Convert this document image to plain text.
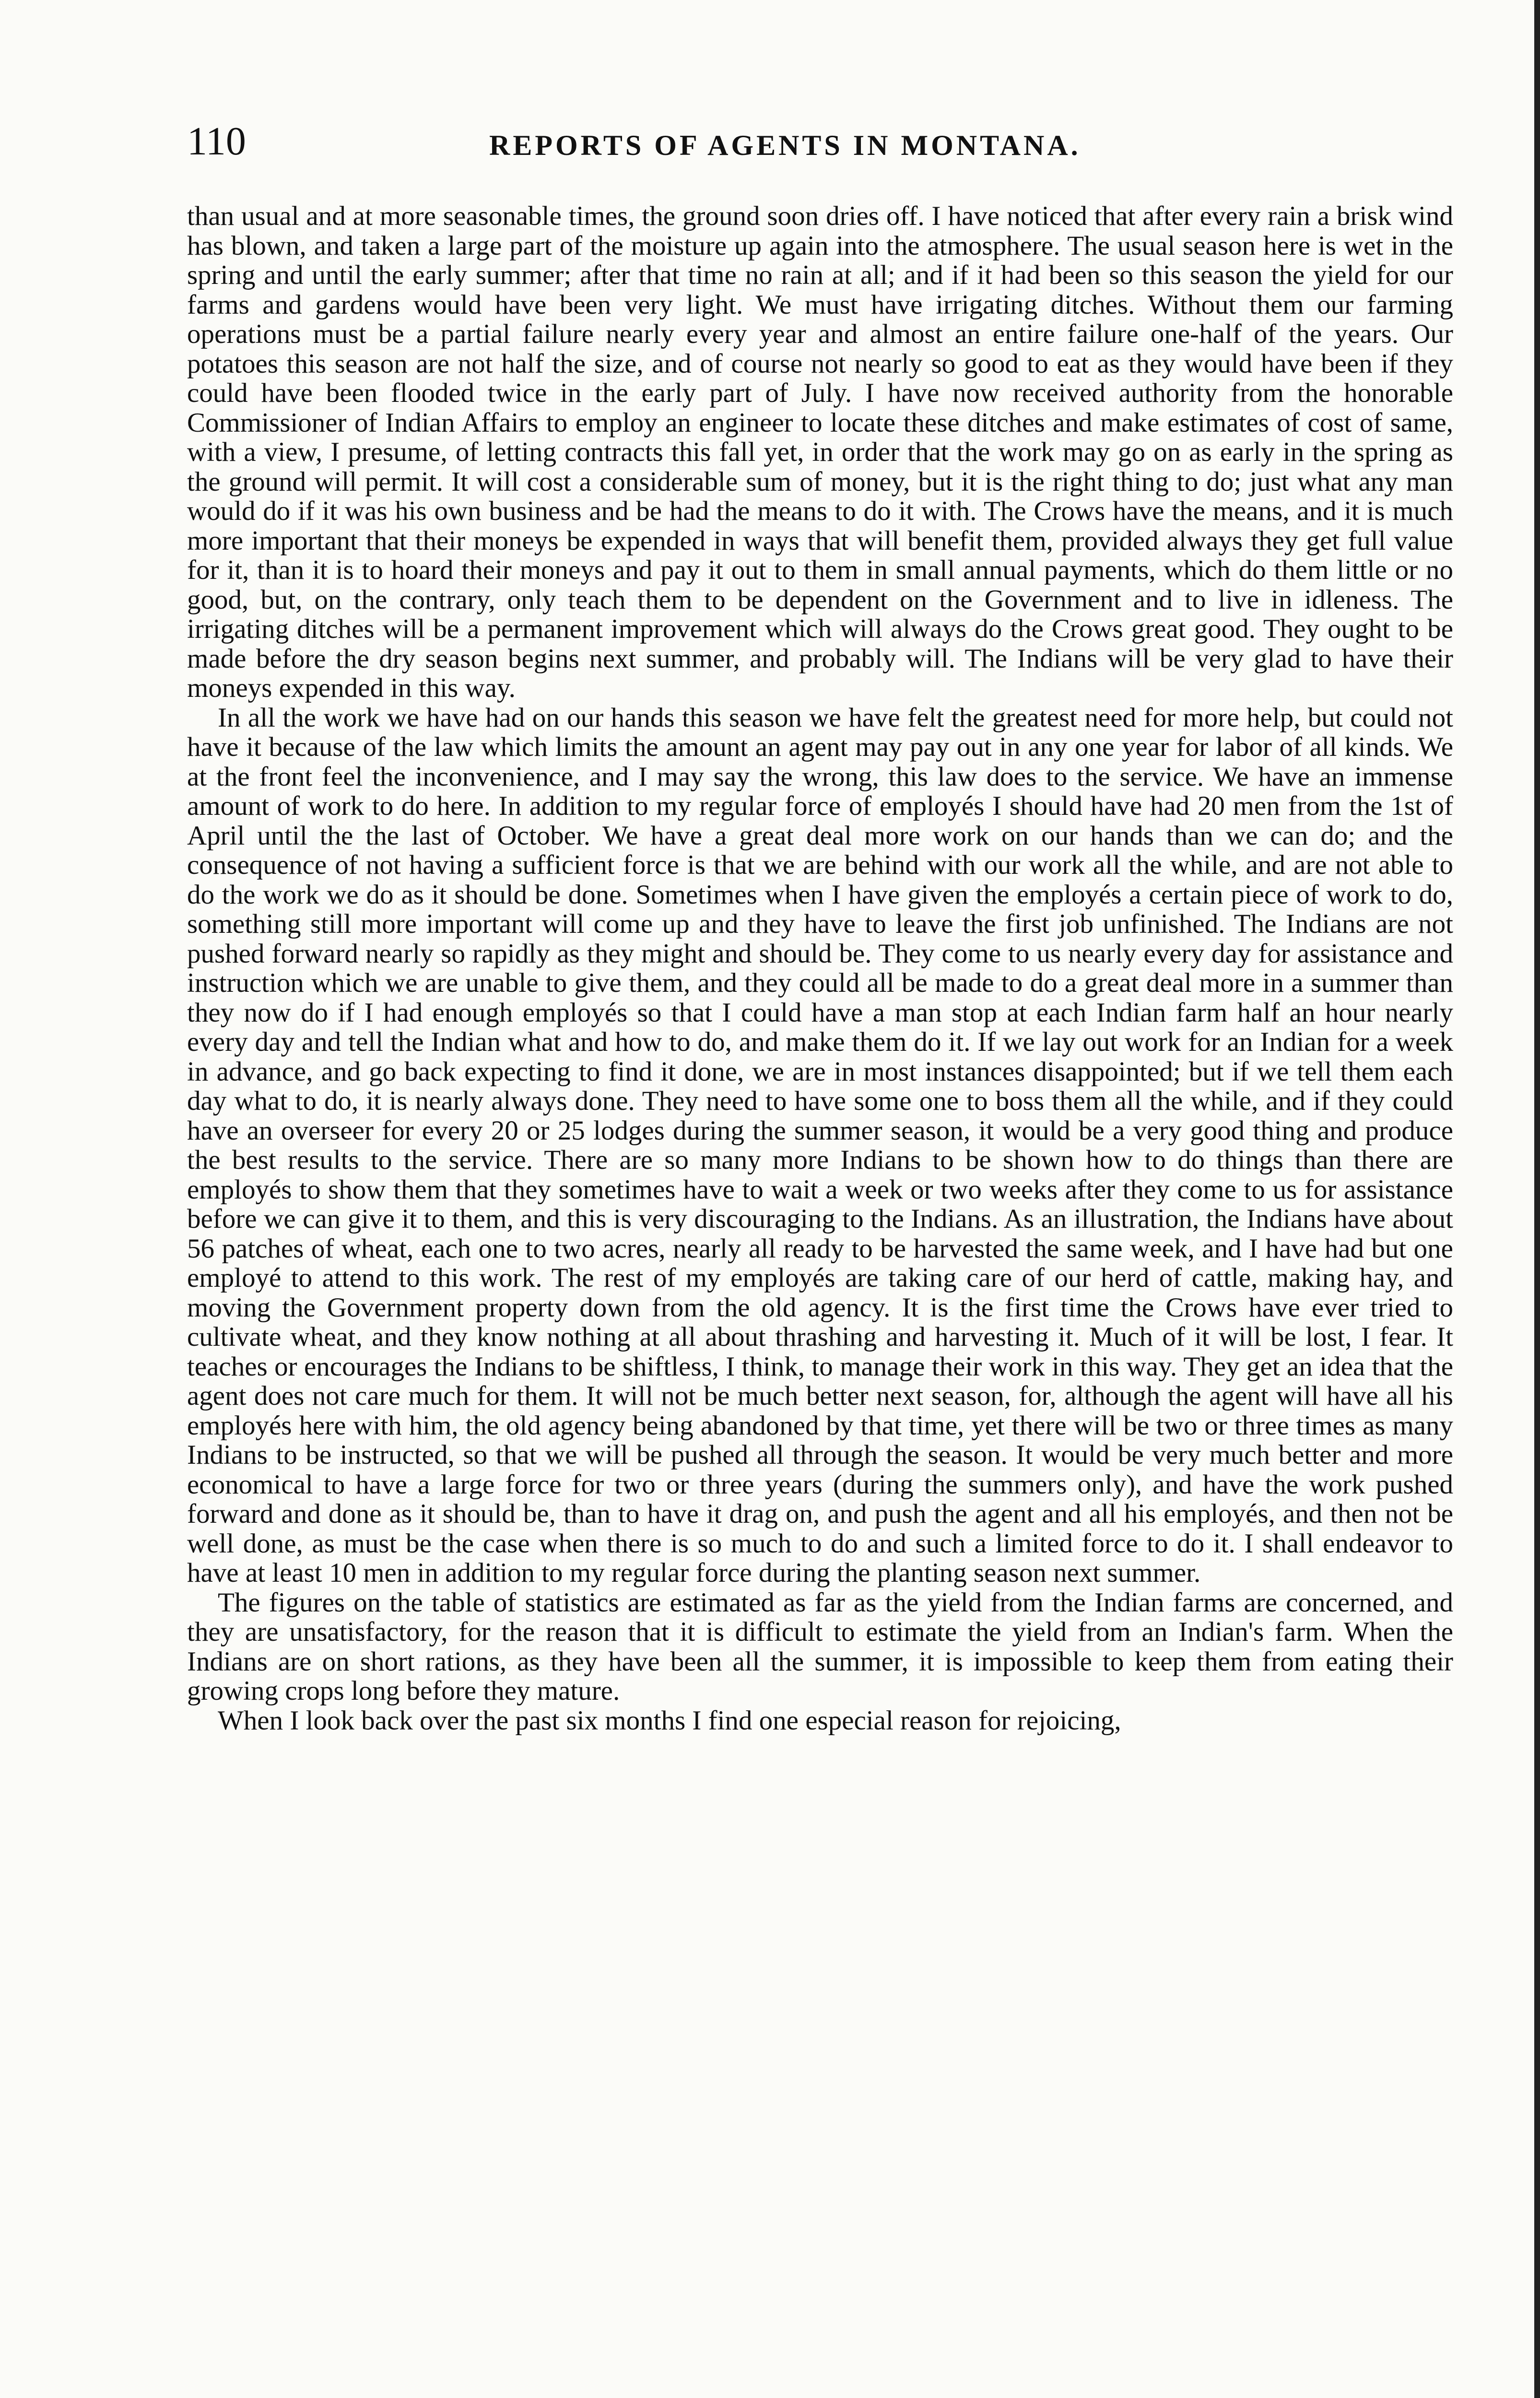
110	REPORTS OF AGENTS IN MONTANA.

than usual and at more seasonable times, the ground soon dries off. I have noticed that after every rain a brisk wind has blown, and taken a large part of the moisture up again into the atmosphere. The usual season here is wet in the spring and until the early summer; after that time no rain at all; and if it had been so this season the yield for our farms and gardens would have been very light. We must have irrigating ditches. Without them our farming operations must be a partial failure nearly every year and almost an entire failure one-half of the years. Our potatoes this season are not half the size, and of course not nearly so good to eat as they would have been if they could have been flooded twice in the early part of July. I have now received authority from the honorable Commissioner of Indian Affairs to employ an engineer to locate these ditches and make estimates of cost of same, with a view, I presume, of letting contracts this fall yet, in order that the work may go on as early in the spring as the ground will permit. It will cost a considerable sum of money, but it is the right thing to do; just what any man would do if it was his own business and be had the means to do it with. The Crows have the means, and it is much more important that their moneys be expended in ways that will benefit them, provided always they get full value for it, than it is to hoard their moneys and pay it out to them in small annual payments, which do them little or no good, but, on the contrary, only teach them to be dependent on the Government and to live in idleness. The irrigating ditches will be a permanent improvement which will always do the Crows great good. They ought to be made before the dry season begins next summer, and probably will. The Indians will be very glad to have their moneys expended in this way.

In all the work we have had on our hands this season we have felt the greatest need for more help, but could not have it because of the law which limits the amount an agent may pay out in any one year for labor of all kinds. We at the front feel the inconvenience, and I may say the wrong, this law does to the service. We have an immense amount of work to do here. In addition to my regular force of employés I should have had 20 men from the 1st of April until the the last of October. We have a great deal more work on our hands than we can do; and the consequence of not having a sufficient force is that we are behind with our work all the while, and are not able to do the work we do as it should be done. Sometimes when I have given the employés a certain piece of work to do, something still more important will come up and they have to leave the first job unfinished. The Indians are not pushed forward nearly so rapidly as they might and should be. They come to us nearly every day for assistance and instruction which we are unable to give them, and they could all be made to do a great deal more in a summer than they now do if I had enough employés so that I could have a man stop at each Indian farm half an hour nearly every day and tell the Indian what and how to do, and make them do it. If we lay out work for an Indian for a week in advance, and go back expecting to find it done, we are in most instances disappointed; but if we tell them each day what to do, it is nearly always done. They need to have some one to boss them all the while, and if they could have an overseer for every 20 or 25 lodges during the summer season, it would be a very good thing and produce the best results to the service. There are so many more Indians to be shown how to do things than there are employés to show them that they sometimes have to wait a week or two weeks after they come to us for assistance before we can give it to them, and this is very discouraging to the Indians. As an illustration, the Indians have about 56 patches of wheat, each one to two acres, nearly all ready to be harvested the same week, and I have had but one employé to attend to this work. The rest of my employés are taking care of our herd of cattle, making hay, and moving the Government property down from the old agency. It is the first time the Crows have ever tried to cultivate wheat, and they know nothing at all about thrashing and harvesting it. Much of it will be lost, I fear. It teaches or encourages the Indians to be shiftless, I think, to manage their work in this way. They get an idea that the agent does not care much for them. It will not be much better next season, for, although the agent will have all his employés here with him, the old agency being abandoned by that time, yet there will be two or three times as many Indians to be instructed, so that we will be pushed all through the season. It would be very much better and more economical to have a large force for two or three years (during the summers only), and have the work pushed forward and done as it should be, than to have it drag on, and push the agent and all his employés, and then not be well done, as must be the case when there is so much to do and such a limited force to do it. I shall endeavor to have at least 10 men in addition to my regular force during the planting season next summer.

The figures on the table of statistics are estimated as far as the yield from the Indian farms are concerned, and they are unsatisfactory, for the reason that it is difficult to estimate the yield from an Indian's farm. When the Indians are on short rations, as they have been all the summer, it is impossible to keep them from eating their growing crops long before they mature.

When I look back over the past six months I find one especial reason for rejoicing,
